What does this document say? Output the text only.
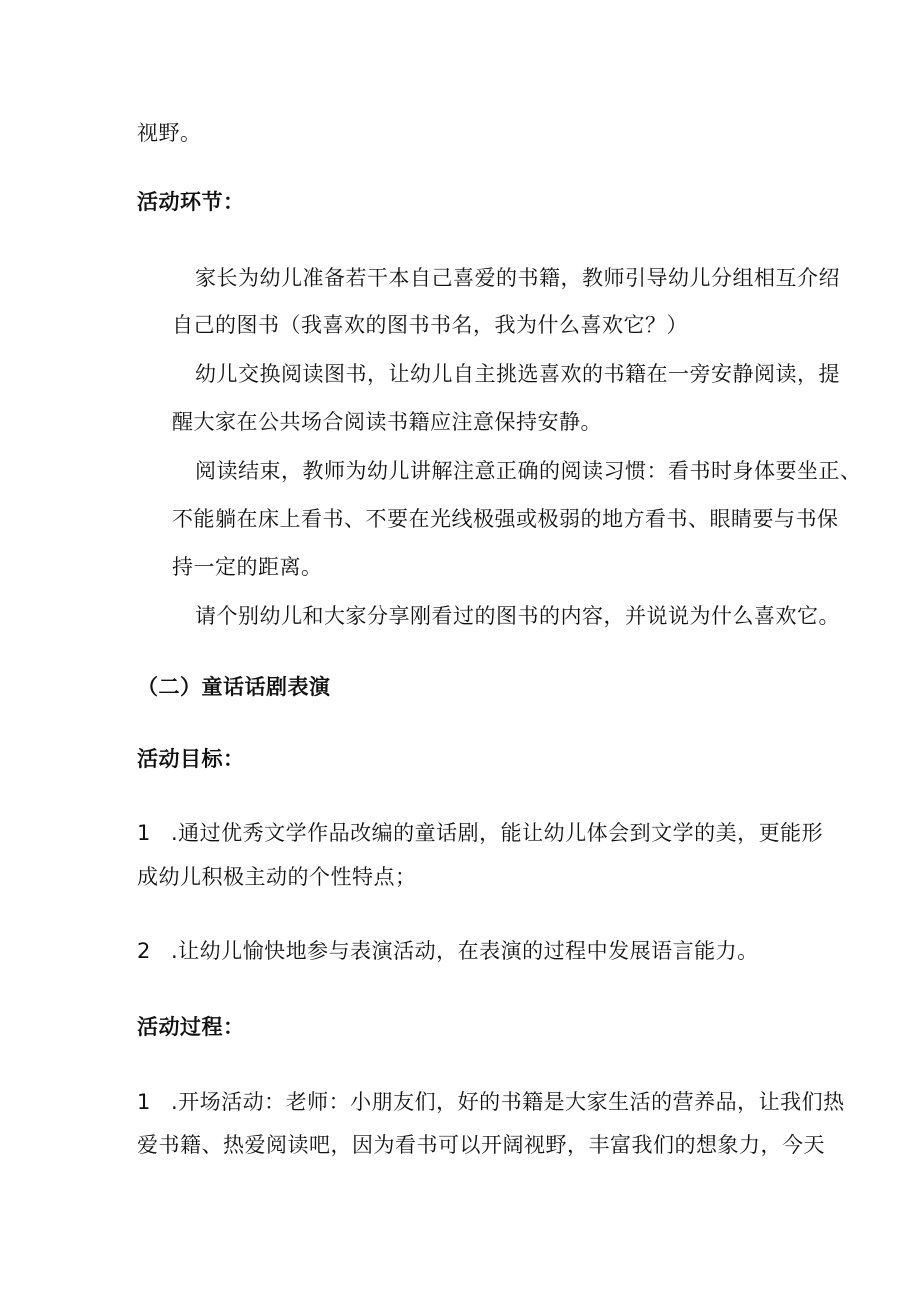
视野。
活动环节：
家长为幼儿准备若干本自己喜爱的书籍，教师引导幼儿分组相互介绍
自己的图书（我喜欢的图书书名，我为什么喜欢它？）
幼儿交换阅读图书，让幼儿自主挑选喜欢的书籍在一旁安静阅读，提
醒大家在公共场合阅读书籍应注意保持安静。
阅读结束，教师为幼儿讲解注意正确的阅读习惯：看书时身体要坐正、
不能躺在床上看书、不要在光线极强或极弱的地方看书、眼睛要与书保
持一定的距离。
请个别幼儿和大家分享刚看过的图书的内容，并说说为什么喜欢它。
（二）童话话剧表演
活动目标：
1 .通过优秀文学作品改编的童话剧，能让幼儿体会到文学的美，更能形
成幼儿积极主动的个性特点；
2 .让幼儿愉快地参与表演活动，在表演的过程中发展语言能力。
活动过程：
1 .开场活动：老师：小朋友们，好的书籍是大家生活的营养品，让我们热
爱书籍、热爱阅读吧，因为看书可以开阔视野，丰富我们的想象力，今天
